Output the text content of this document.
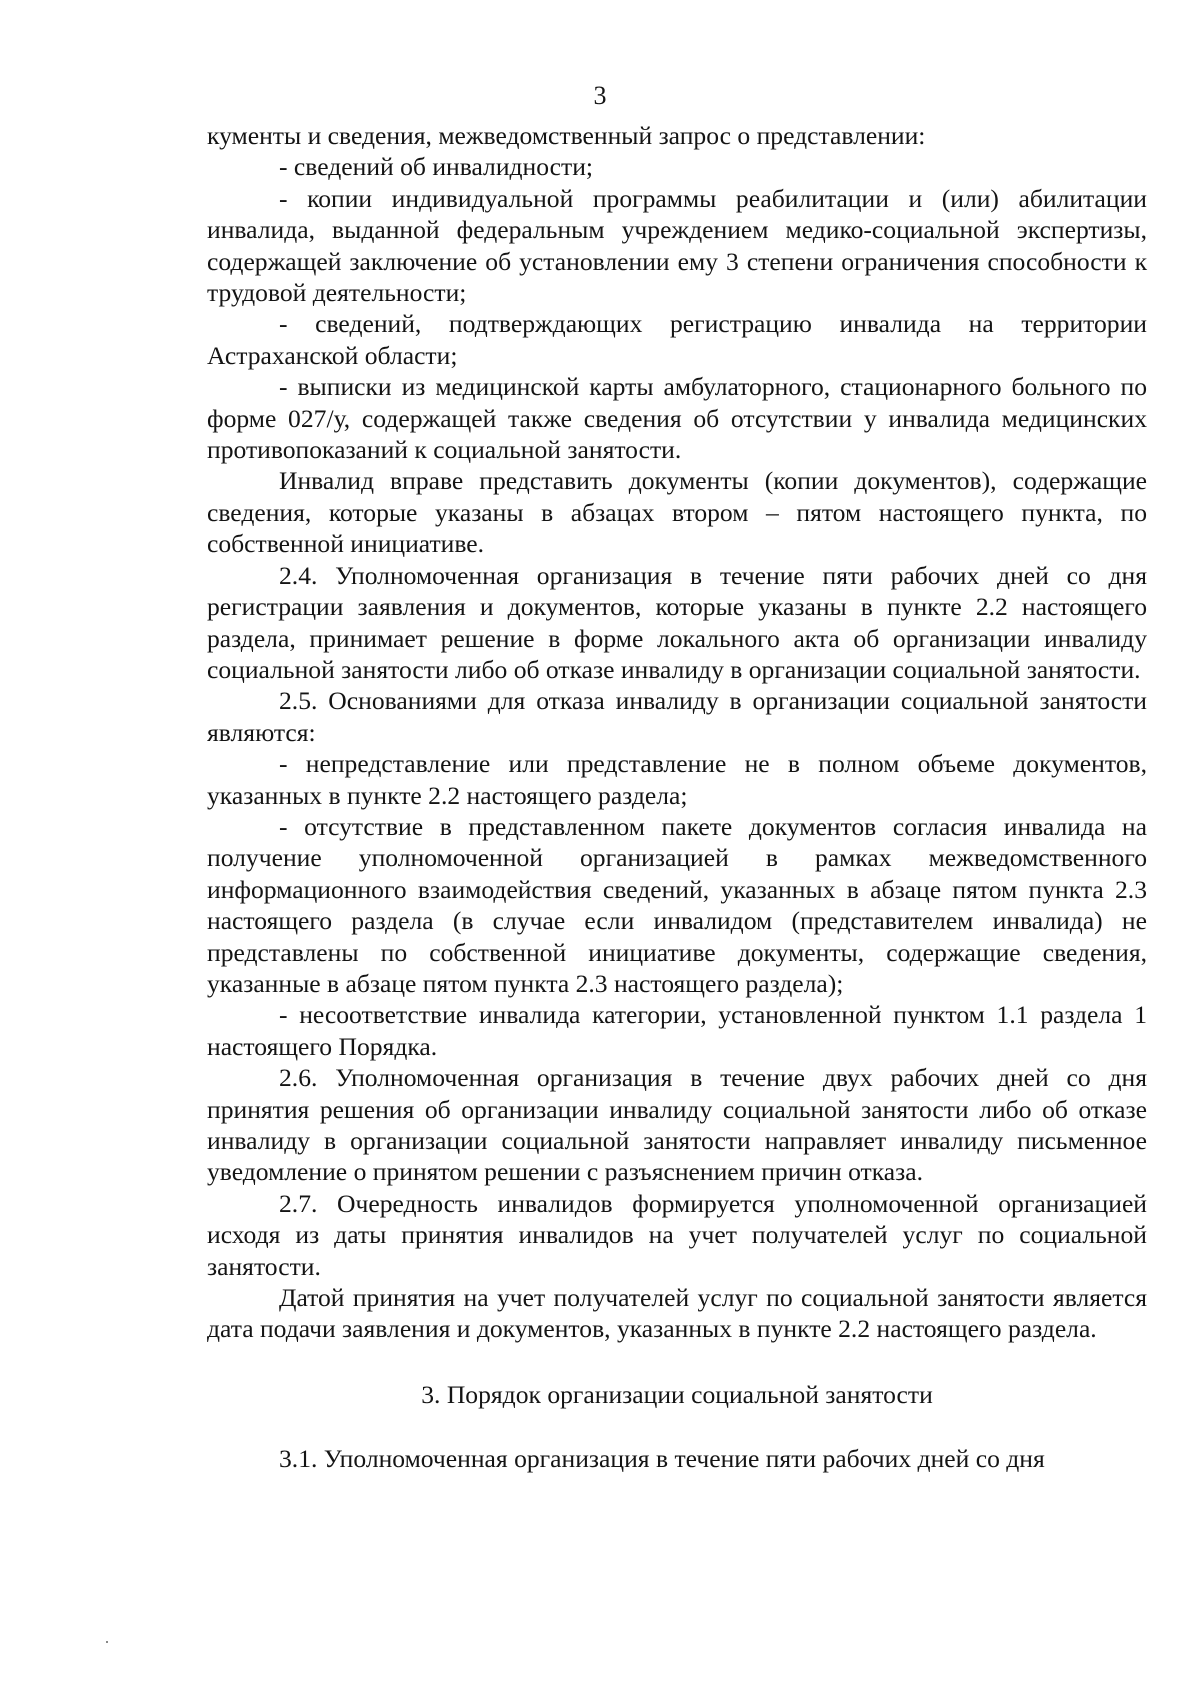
3

кументы и сведения, межведомственный запрос о представлении:

- сведений об инвалидности;

- копии индивидуальной программы реабилитации и (или) абилитации инвалида, выданной федеральным учреждением медико-социальной экспертизы, содержащей заключение об установлении ему 3 степени ограничения способности к трудовой деятельности;

- сведений, подтверждающих регистрацию инвалида на территории Астраханской области;

- выписки из медицинской карты амбулаторного, стационарного больного по форме 027/у, содержащей также сведения об отсутствии у инвалида медицинских противопоказаний к социальной занятости.

Инвалид вправе представить документы (копии документов), содержащие сведения, которые указаны в абзацах втором – пятом настоящего пункта, по собственной инициативе.

2.4. Уполномоченная организация в течение пяти рабочих дней со дня регистрации заявления и документов, которые указаны в пункте 2.2 настоящего раздела, принимает решение в форме локального акта об организации инвалиду социальной занятости либо об отказе инвалиду в организации социальной занятости.

2.5. Основаниями для отказа инвалиду в организации социальной занятости являются:

- непредставление или представление не в полном объеме документов, указанных в пункте 2.2 настоящего раздела;

- отсутствие в представленном пакете документов согласия инвалида на получение уполномоченной организацией в рамках межведомственного информационного взаимодействия сведений, указанных в абзаце пятом пункта 2.3 настоящего раздела (в случае если инвалидом (представителем инвалида) не представлены по собственной инициативе документы, содержащие сведения, указанные в абзаце пятом пункта 2.3 настоящего раздела);

- несоответствие инвалида категории, установленной пунктом 1.1 раздела 1 настоящего Порядка.

2.6. Уполномоченная организация в течение двух рабочих дней со дня принятия решения об организации инвалиду социальной занятости либо об отказе инвалиду в организации социальной занятости направляет инвалиду письменное уведомление о принятом решении с разъяснением причин отказа.

2.7. Очередность инвалидов формируется уполномоченной организацией исходя из даты принятия инвалидов на учет получателей услуг по социальной занятости.

Датой принятия на учет получателей услуг по социальной занятости является дата подачи заявления и документов, указанных в пункте 2.2 настоящего раздела.

3. Порядок организации социальной занятости

3.1. Уполномоченная организация в течение пяти рабочих дней со дня
